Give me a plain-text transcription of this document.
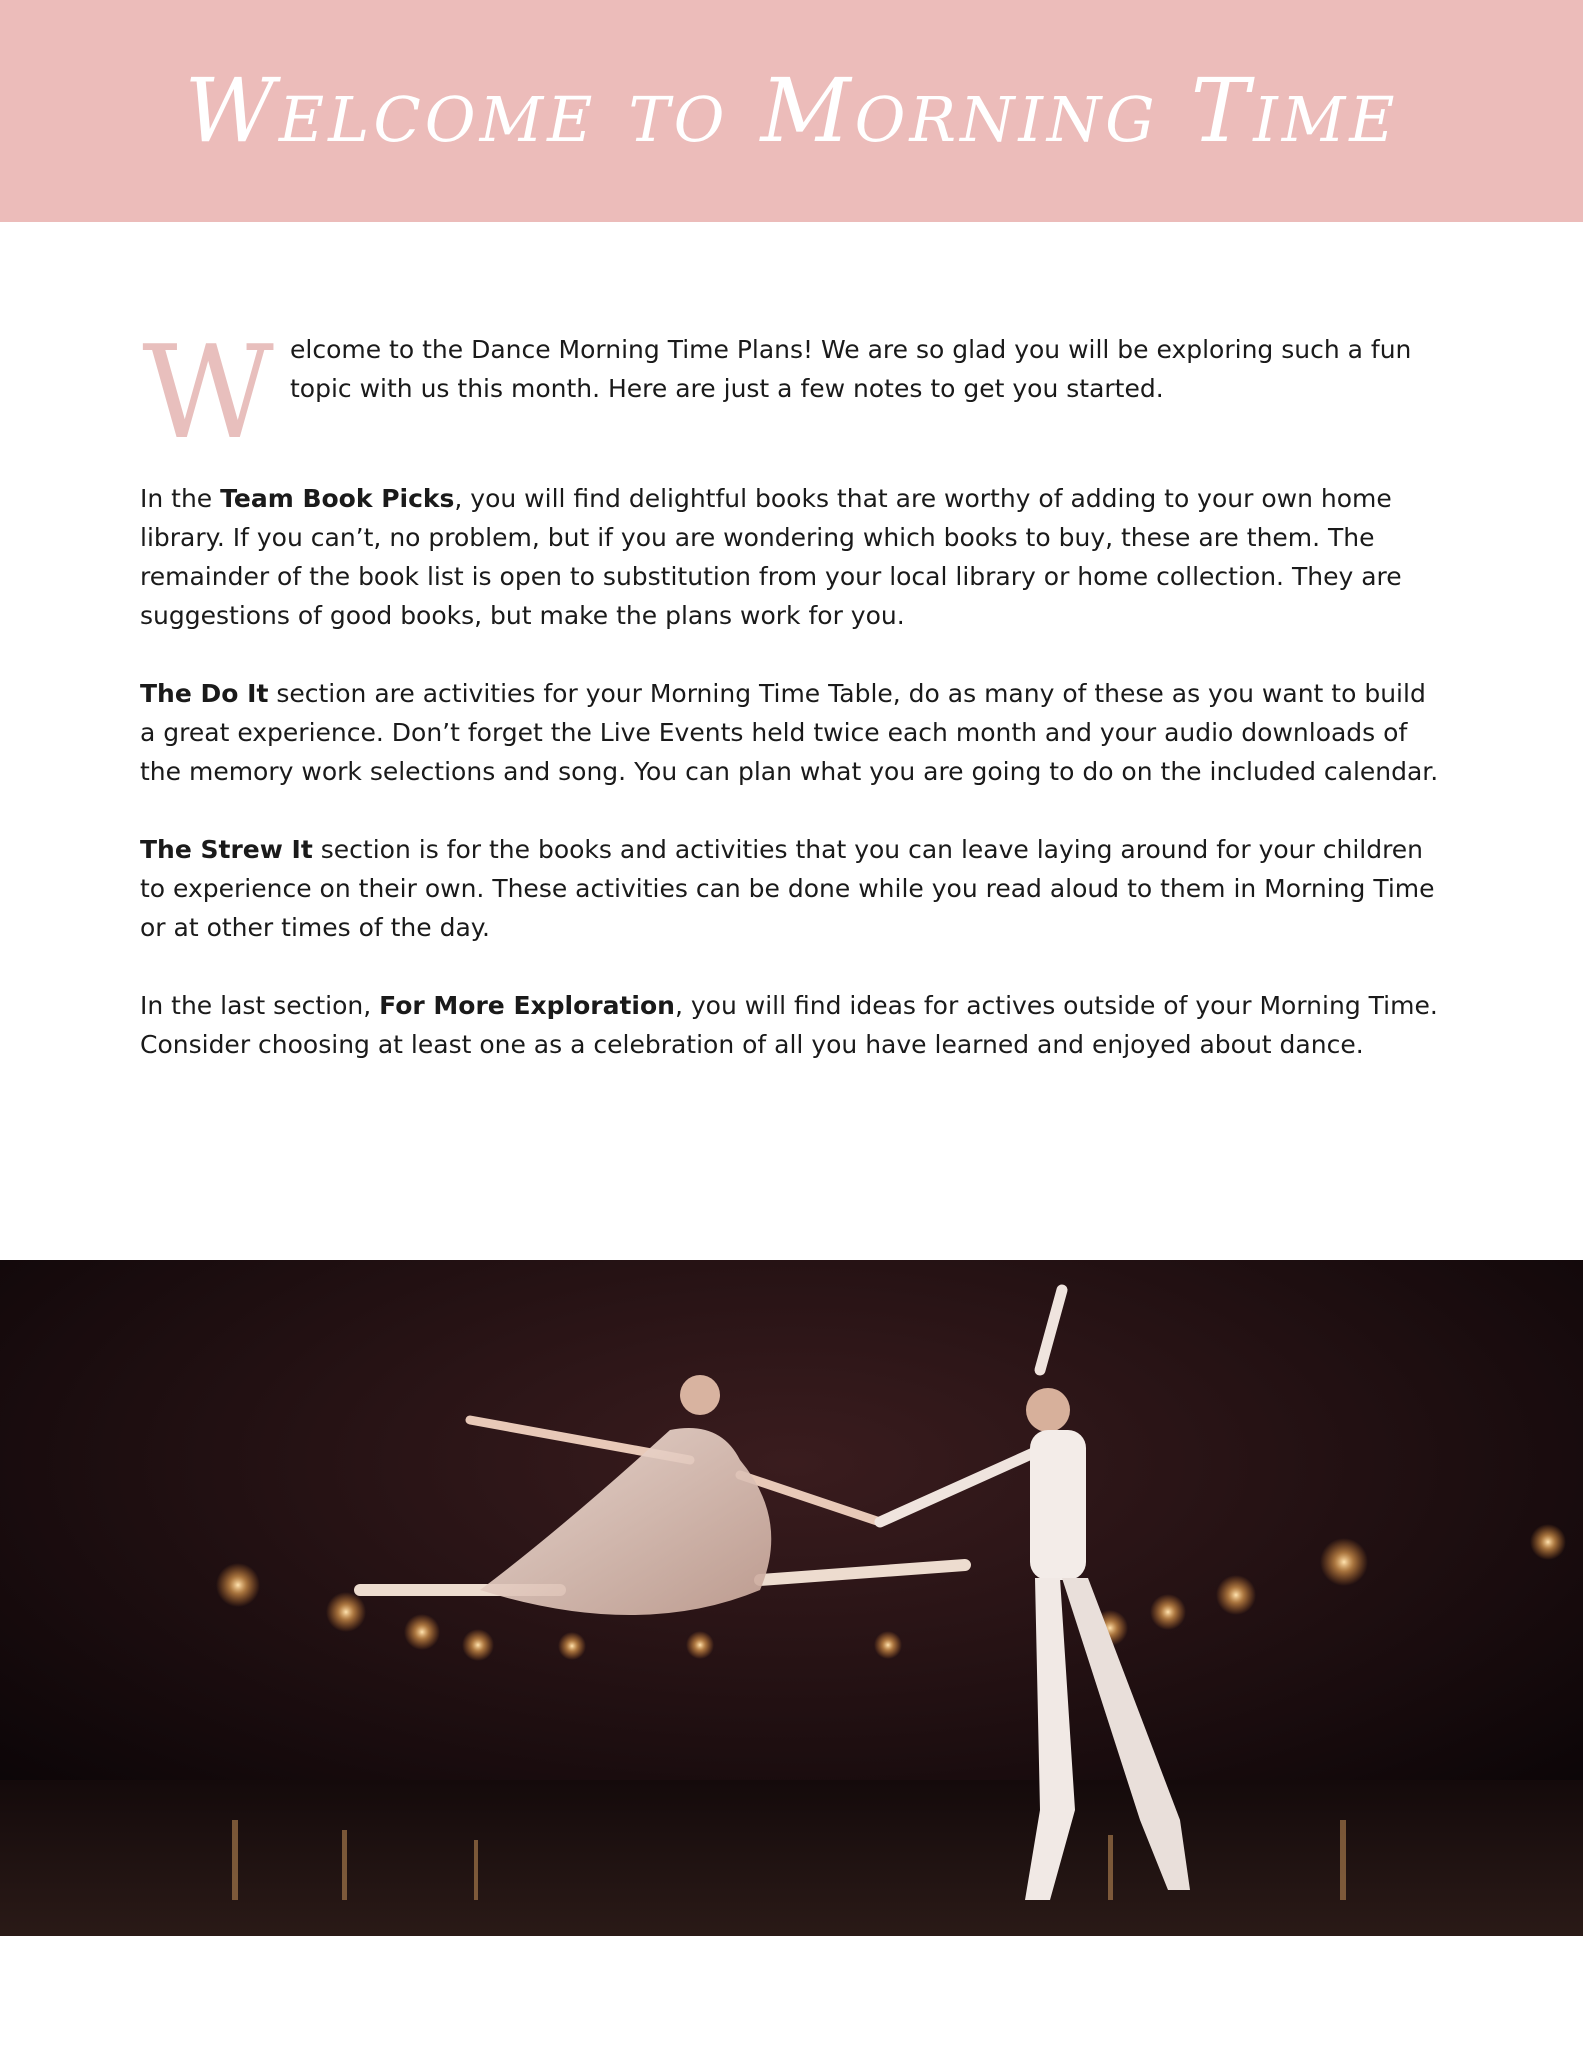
Welcome to Morning Time

Welcome to the Dance Morning Time Plans! We are so glad you will be exploring such a fun topic with us this month. Here are just a few notes to get you started.

In the Team Book Picks, you will find delightful books that are worthy of adding to your own home library. If you can’t, no problem, but if you are wondering which books to buy, these are them. The remainder of the book list is open to substitution from your local library or home collection. They are suggestions of good books, but make the plans work for you.

The Do It section are activities for your Morning Time Table, do as many of these as you want to build a great experience. Don’t forget the Live Events held twice each month and your audio downloads of the memory work selections and song. You can plan what you are going to do on the included calendar.

The Strew It section is for the books and activities that you can leave laying around for your children to experience on their own. These activities can be done while you read aloud to them in Morning Time or at other times of the day.

In the last section, For More Exploration, you will find ideas for actives outside of your Morning Time. Consider choosing at least one as a celebration of all you have learned and enjoyed about dance.
